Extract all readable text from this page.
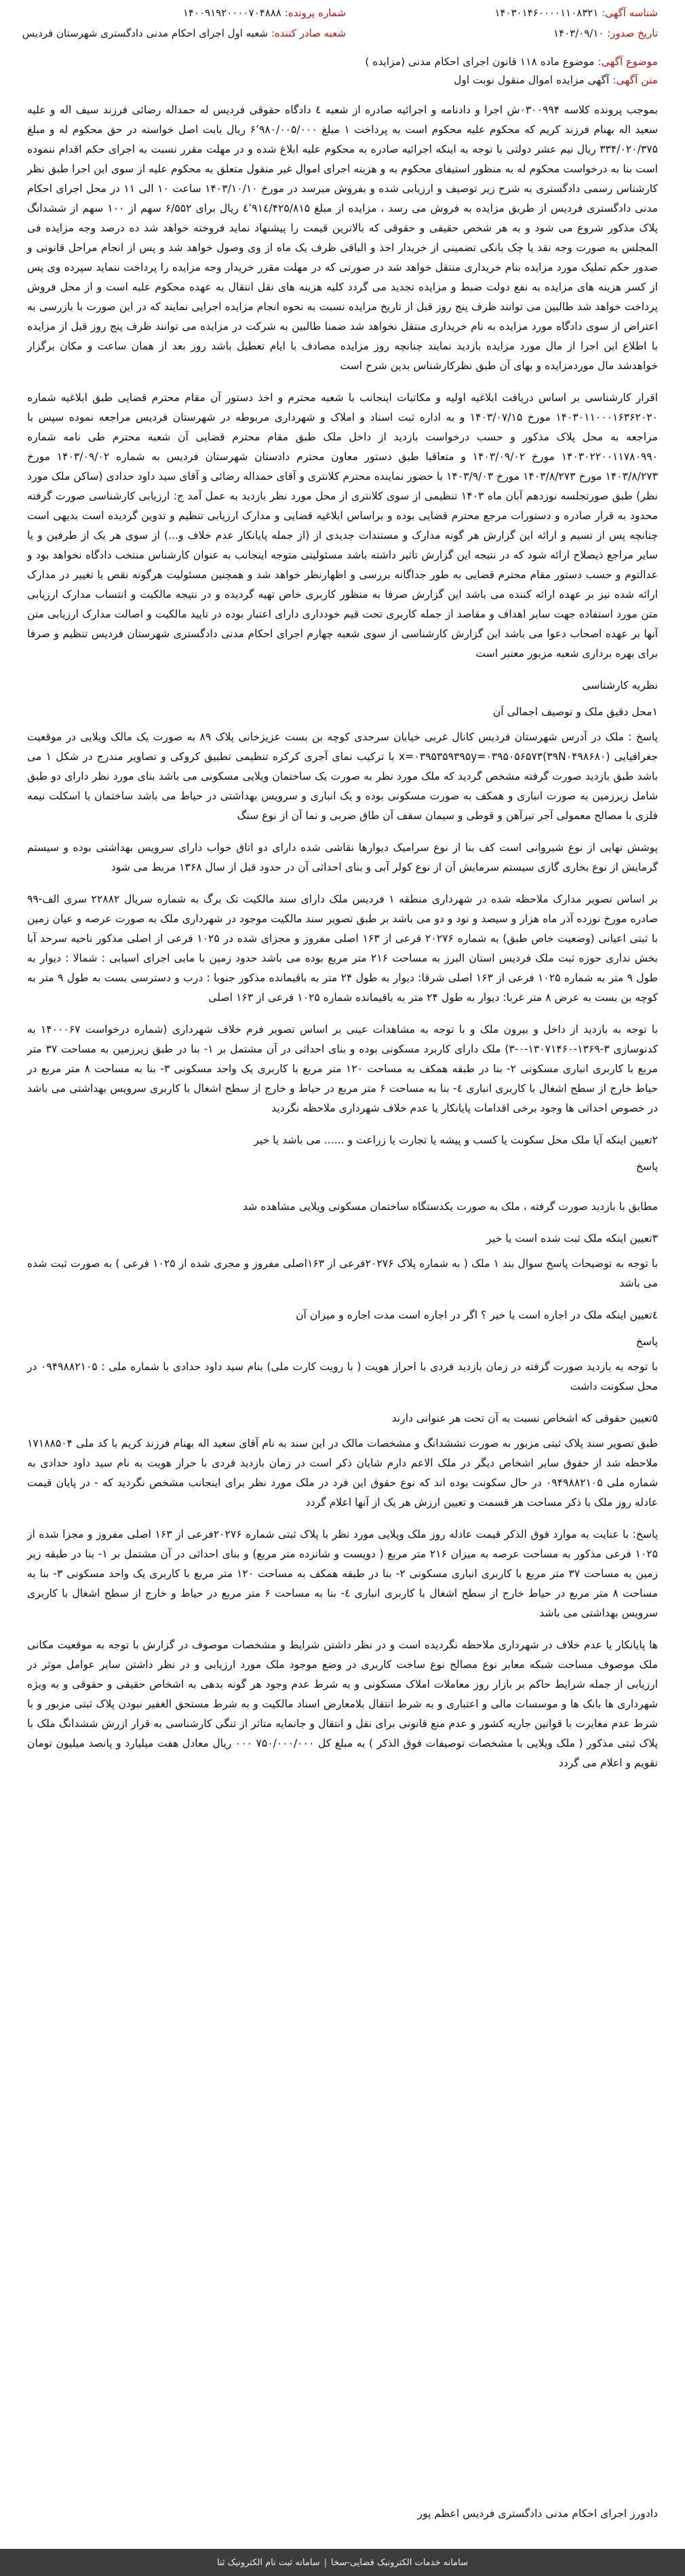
شناسه آگهی: ۱۴۰۳۰۱۴۶۰۰۰۰۱۱۰۸۳۲۱
شماره پرونده: ۱۴۰۰۹۱۹۲۰۰۰۰۷۰۴۸۸۸
تاریخ صدور: ۱۴۰۳/۰۹/۱۰
شعبه صادر کننده: شعبه اول اجرای احکام مدنی دادگستری شهرستان فردیس
موضوع آگهی: موضوع ماده ۱۱۸ قانون اجرای احکام مدنی (مزایده )
متن آگهی: آگهی مزایده اموال منقول نوبت اول

بموجب پرونده کلاسه ۰۳۰۰۹۹۴ش اجرا و دادنامه و اجرائیه صادره از شعبه ٤ دادگاه حقوقی فردیس له حمداله رضائی فرزند سیف اله و علیه سعید اله بهنام فرزند کریم که محکوم علیه محکوم است به پرداخت ۱ مبلغ ۶٬۹۸۰/۰۰۵/۰۰۰ ریال بابت اصل خواسته در حق محکوم له و مبلغ ۳۳۴/۰۲۰/۳۷۵ ریال نیم عشر دولتی با توجه به اینکه اجرائیه صادره به محکوم علیه ابلاغ شده و در مهلت مقرر نسبت به اجرای حکم اقدام ننموده است بنا به درخواست محکوم له به منظور استیفای محکوم به و هزینه اجرای اموال غیر منقول متعلق به محکوم علیه از سوی این اجرا طبق نظر کارشناس رسمی دادگستری به شرح زیر توصیف و ارزیابی شده و بفروش میرسد در مورخ ۱۴۰۳/۱۰/۱۰ ساعت ۱۰ الی ۱۱ در محل اجرای احکام مدنی دادگستری فردیس از طریق مزایده به فروش می رسد ، مزایده از مبلغ ٤٬۹۱٤/۴۲۵/۸۱۵ ریال برای ۶/۵۵۲ سهم از ۱۰۰ سهم از ششدانگ پلاک مذکور شروع می شود و به هر شخص حقیقی و حقوقی که بالاترین قیمت را پیشنهاد نماید فروخته خواهد شد ده درصد وجه مزایده فی المجلس به صورت وجه نقد یا چک بانکی تضمینی از خریدار اخذ و الباقی ظرف یک ماه از وی وصول خواهد شد و پس از انجام مراحل قانونی و صدور حکم تملیک مورد مزایده بنام خریداری منتقل خواهد شد در صورتی که در مهلت مقرر خریدار وجه مزایده را پرداخت ننماید سپرده وی پس از کسر هزینه های مزایده به نفع دولت ضبط و مزایده تجدید می گردد کلیه هزینه های نقل انتقال به عهده محکوم علیه است و از محل فروش پرداخت خواهد شد طالبین می توانند ظرف پنج روز قبل از تاریخ مزایده نسبت به نحوه انجام مزایده اجرایی نمایند که در این صورت با بازرسی به اعتراض از سوی دادگاه مورد مزایده به نام خریداری منتقل نخواهد شد ضمنا طالبین به شرکت در مزایده می توانند ظرف پنج روز قبل از مزایده با اطلاع این اجرا از مال مورد مزایده بازدید نمایند چنانچه روز مزایده مصادف با ایام تعطیل باشد روز بعد از همان ساعت و مکان برگزار خواهدشد مال موردمزایده و بهای آن طبق نظرکارشناس بدین شرح است

اقرار کارشناسی بر اساس دریافت ابلاغیه اولیه و مکاتبات اینجانب با شعبه محترم و اخذ دستور آن مقام محترم قضایی طبق ابلاغیه شماره ۱۴۰۳۰۱۱۰۰۰۱۶۳۶۲۰۲۰ مورخ ۱۴۰۳/۰۷/۱۵ و به اداره ثبت اسناد و املاک و شهرداری مربوطه در شهرستان فردیس مراجعه نموده سپس با مراجعه به محل پلاک مذکور و حسب درخواست بازدید از داخل ملک طبق مقام محترم قضایی آن شعبه محترم طی نامه شماره ۱۴۰۳۰۲۲۰۰۱۱۷۸۰۹۹۰ مورخ ۱۴۰۳/۰۹/۰۲ و متعاقبا طبق دستور معاون محترم دادستان شهرستان فردیس به شماره ۱۴۰۳/۰۹/۰۲ مورخ ۱۴۰۳/۸/۲۷۳ مورخ ۱۴۰۳/۸/۲۷۳ مورخ ۱۴۰۳/۹/۰۳ با حضور نماینده محترم کلانتری و آقای حمداله رضائی و آقای سید داود حدادی (ساکن ملک مورد نظر) طبق صورتجلسه نوزدهم آبان ماه ۱۴۰۳ تنظیمی از سوی کلانتری از محل مورد نظر بازدید به عمل آمد ج: ارزیابی کارشناسی صورت گرفته محدود به قرار صادره و دستورات مرجع محترم قضایی بوده و براساس ابلاغیه قضایی و مدارک ارزیابی تنظیم و تدوین گردیده است بدیهی است چنانچه پس از تسیم و ارائه این گزارش هر گونه مدارک و مستندات جدیدی از (از جمله پایانکار عدم خلاف و...) از سوی هر یک از طرفین و یا سایر مراجع ذیصلاح ارائه شود که در نتیجه این گزارش تاثیر داشته باشد مسئولیتی متوجه اینجانب به عنوان کارشناس منتخب دادگاه نخواهد بود و عدالتوم و حسب دستور مقام محترم قضایی به طور جداگانه بررسی و اظهارنظر خواهد شد و همچنین مسئولیت هرگونه نقص یا تغییر در مدارک ارائه شده نیز بر عهده ارائه کننده می باشد این گزارش صرفا به منظور کاربری خاص تهیه گردیده و در نتیجه مالکیت و انتساب مدارک ارزیابی متن مورد استفاده جهت سایر اهداف و مقاصد از جمله کاربری تحت قیم خودداری دارای اعتبار بوده در تایید مالکیت و اصالت مدارک ارزیابی متن آنها بر عهده اصحاب دعوا می باشد این گزارش کارشناسی از سوی شعبه چهارم اجرای احکام مدنی دادگستری شهرستان فردیس تنظیم و صرفا برای بهره برداری شعبه مزبور معتبر است

نظریه کارشناسی
۱محل دقیق ملک و توصیف اجمالی آن

پاسخ : ملک در آدرس شهرستان فردیس کانال غربی خیابان سرحدی کوچه بن بست عزیزخانی پلاک ۸۹ به صورت یک مالک ویلایی در موقعیت جغرافیایی (۳۹N۰۴۹۸۶۸۰)x=۰۳۹۵۳۵۹۳۹۵y=۰۳۹۵۰۵۶۵۷۳ با ترکیب نمای آجری کرکره تنظیمی تطبیق کروکی و تصاویر مندرج در شکل ۱ می باشد طبق بازدید صورت گرفته مشخص گردید که ملک مورد نظر به صورت یک ساختمان ویلایی مسکونی می باشد بنای مورد نظر دارای دو طبق شامل زیرزمین به صورت انباری و همکف به صورت مسکونی بوده و یک انباری و سرویس بهداشتی در حیاط می باشد ساختمان با اسکلت نیمه فلزی با مصالح معمولی آجر تیرآهن و قوطی و سیمان سقف آن طاق ضربی و نما آن از نوع سنگ

پوشش نهایی از نوع شیروانی است کف بنا از نوع سرامیک دیوارها نقاشی شده دارای دو اتاق خواب دارای سرویس بهداشتی بوده و سیستم گرمایش از نوع بخاری گازی سیستم سرمایش آن از نوع کولر آبی و بنای احداثی آن در حدود قبل از سال ۱۳۶۸ مربط می شود

بر اساس تصویر مدارک ملاحظه شده در شهرداری منطقه ۱ فردیس ملک دارای سند مالکیت تک برگ به شماره سریال ۲۲۸۸۲ سری الف-۹۹ صادره مورخ نوزده آذر ماه هزار و سیصد و نود و دو می باشد بر طبق تصویر سند مالکیت موجود در شهرداری ملک به صورت عرصه و عیان زمین با ثبتی اعیانی (وضعیت خاص طبق) به شماره ۲۰۲۷۶ فرعی از ۱۶۳ اصلی مفروز و مجزای شده در ۱۰۲۵ فرعی از اصلی مذکور ناحیه سرحد آبا بخش نداری حوزه ثبت ملک فردیس استان البرز به مساحت ۲۱۶ متر مربع بوده می باشد حدود زمین با مابی اجرای اسبابی : شمالا : دیوار به طول ۹ متر به شماره ۱۰۲۵ فرعی از ۱۶۳ اصلی شرقا: دیوار به طول ۲۴ متر به باقیمانده مذکور جنوبا : درب و دسترسی بست به طول ۹ متر به کوچه بن بست به عرض ۸ متر غربا: دیوار به طول ۲۴ متر به باقیمانده شماره ۱۰۲۵ فرعی از ۱۶۳ اصلی

با توجه به بازدید از داخل و بیرون ملک و با توجه به مشاهدات عینی بر اساس تصویر فرم خلاف شهرداری (شماره درخواست ۱۴۰۰۰۶۷ به کدنوسازی ۳-۱۳۶۹-۱۳۰۷۱۴۶۰-۰-۳) ملک دارای کاربرد مسکونی بوده و بنای احداثی در آن مشتمل بر ۱- بنا در طبق زیرزمین به مساحت ۳۷ متر مربع با کاربری انباری مسکونی ۲- بنا در طبقه همکف به مساحت ۱۲۰ متر مربع با کاربری یک واحد مسکونی ۳- بنا به مساحت ۸ متر مربع در حیاط خارج از سطح اشغال با کاربری انباری ٤- بنا به مساحت ۶ متر مربع در حیاط و خارج از سطح اشغال با کاربری سرویس بهداشتی می باشد در خصوص احداثی ها وجود برخی اقدامات پایانکار یا عدم خلاف شهرداری ملاحظه نگردید

۲تعیین اینکه آیا ملک محل سکونت یا کسب و پیشه یا تجارت یا زراعت و ...... می باشد یا خیر
پاسخ

مطابق با بازدید صورت گرفته ، ملک به صورت یکدستگاه ساختمان مسکونی ویلایی مشاهده شد

۳تعیین اینکه ملک ثبت شده است یا خیر

با توجه به توضیحات پاسخ سوال بند ۱ ملک ( به شماره پلاک ۲۰۲۷۶فرعی از ۱۶۳اصلی مفروز و مجری شده از ۱۰۲۵ فرعی ) به صورت ثبت شده می باشد

٤تعیین اینکه ملک در اجاره است یا خیر ؟ اگر در اجاره است مدت اجاره و میزان آن
پاسخ

با توجه به بازدید صورت گرفته در زمان بازدید فردی با احراز هویت ( با رویت کارت ملی) بنام سید داود حدادی با شماره ملی : ۰۹۴۹۸۸۲۱۰۵ در محل سکونت داشت

۵تعیین حقوقی که اشخاص نسبت به آن تحت هر عنوانی دارند

طبق تصویر سند پلاک ثبتی مزبور به صورت تششدانگ و مشخصات مالک در این سند به نام آقای سعید اله بهنام فرزند کریم با کد ملی ۱۷۱۸۸۵۰۴ ملاحظه شد از حقوق سایر اشخاص دیگر در ملک الاعم دارم شایان ذکر است در زمان بازدید فردی با حراز هویت به نام سید داود حدادی به شماره ملی ۰۹۴۹۸۸۲۱۰۵ در حال سکونت بوده اند که نوع حقوق این فرد در ملک مورد نظر برای اینجانب مشخص نگردید که - در پایان قیمت عادله روز ملک با ذکر مساحت هر قسمت و تعیین ارزش هر یک از آنها اعلام گردد

پاسخ: با عنایت به موارد فوق الذکر قیمت عادله روز ملک ویلایی مورد نظر با پلاک ثبتی شماره ۲۰۲۷۶فرعی از ۱۶۳ اصلی مفروز و مجزا شده از ۱۰۲۵ فرعی مذکور به مساحت عرصه به میزان ۲۱۶ متر مربع ( دویست و شانزده متر مربع) و بنای احداثی در آن مشتمل بر ۱- بنا در طبقه زیر زمین به مساحت ۳۷ متر مربع با کاربری انباری مسکونی ۲- بنا در طبقه همکف به مساحت ۱۲۰ متر مربع با کاربری یک واحد مسکونی ۳- بنا به مساحت ۸ متر مربع در حیاط خارج از سطح اشغال با کاربری انباری ٤- بنا به مساحت ۶ متر مربع در حیاط و خارج از سطح اشغال با کاربری سرویس بهداشتی می باشد

ها پایانکار یا عدم خلاف در شهرداری ملاحظه نگردیده است و در نظر داشتن شرایط و مشخصات موصوف در گزارش با توجه به موقعیت مکانی ملک موصوف مساحت شبکه معابر نوع مصالح نوع ساخت کاربری در وضع موجود ملک مورد ارزیابی و در نظر داشتن سایر عوامل موثر در ارزیابی از جمله شرایط حاکم بر بازار روز معاملات املاک مسکونی و به شرط عدم وجود هر گونه بدهی به اشخاص حقیقی و حقوقی و به ویژه شهرداری ها بانک ها و موسسات مالی و اعتباری و به شرط انتقال بلامعارض اسناد مالکیت و به شرط مستحق الغفیر نبودن پلاک ثبتی مزبور و با شرط عدم مغایرت با قوانین جاریه کشور و عدم منع قانونی برای نقل و انتقال و جانمایه متاثر از تنگی کارشناسی به قرار ازرش ششدانگ ملک با پلاک ثبتی مذکور ( ملک ویلایی با مشخصات توصیفات فوق الذکر ) به مبلغ کل ۷۵۰/۰۰۰/۰۰۰ ۰۰۰ ریال معادل هفت میلیارد و پانصد میلیون تومان تقویم و اعلام می گردد

دادورز اجرای احکام مدنی دادگستری فردیس اعظم پور
سامانه خدمات الکترونیک قضایی-سخا
|
سامانه ثبت نام الکترونیک ثنا
